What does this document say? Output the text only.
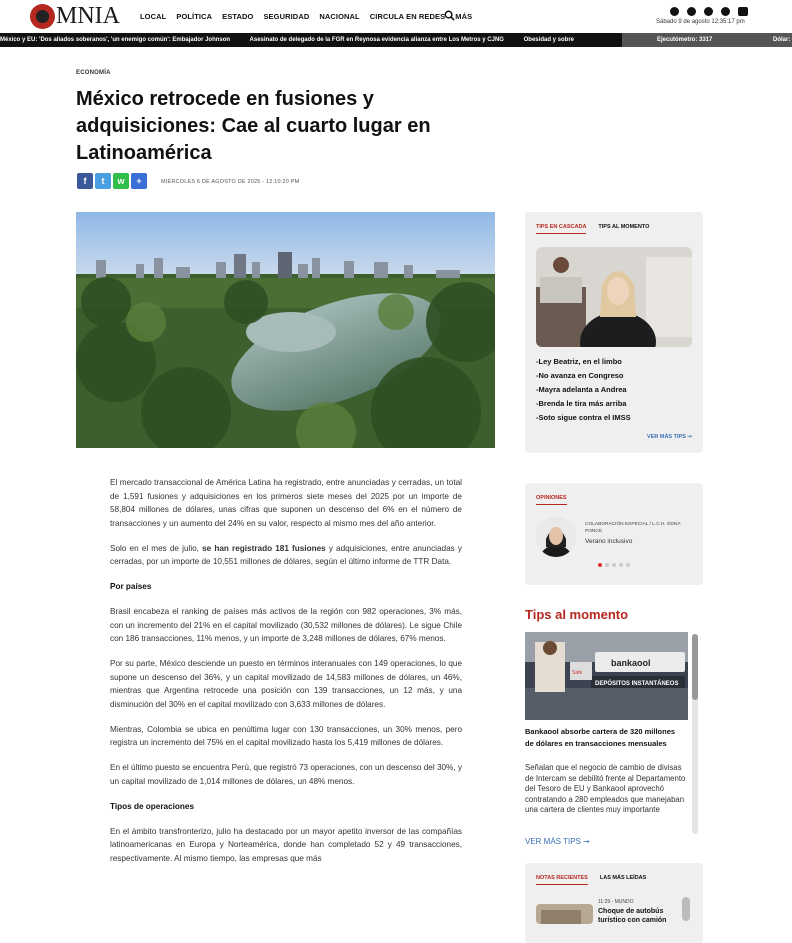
MNIA	LOCAL POLÍTICA ESTADO SEGURIDAD NACIONAL CIRCULA EN REDES MÁS
Sábado 9 de agosto 12:35:17 pm
México y EU: 'Dos aliados soberanos', 'un enemigo común': Embajador Johnson	Asesinato de delegado de la FGR en Reynosa evidencia alianza entre Los Metros y CJNG	Obesidad y sobre	Ejecutómetro: 3317	Dólar:
ECONOMÍA
México retrocede en fusiones y adquisiciones: Cae al cuarto lugar en Latinoamérica
f	t	w	+	MIÉRCOLES 6 DE AGOSTO DE 2025 - 12:10:20 PM

El mercado transaccional de América Latina ha registrado, entre anunciadas y cerradas, un total de 1,591 fusiones y adquisiciones en los primeros siete meses del 2025 por un importe de 58,804 millones de dólares, unas cifras que suponen un descenso del 6% en el número de transacciones y un aumento del 24% en su valor, respecto al mismo mes del año anterior.

Solo en el mes de julio, se han registrado 181 fusiones y adquisiciones, entre anunciadas y cerradas, por un importe de 10,551 millones de dólares, según el último informe de TTR Data.

Por países

Brasil encabeza el ranking de países más activos de la región con 982 operaciones, 3% más, con un incremento del 21% en el capital movilizado (30,532 millones de dólares). Le sigue Chile con 186 transacciones, 11% menos, y un importe de 3,248 millones de dólares, 67% menos.

Por su parte, México desciende un puesto en términos interanuales con 149 operaciones, lo que supone un descenso del 36%, y un capital movilizado de 14,583 millones de dólares, un 46%, mientras que Argentina retrocede una posición con 139 transacciones, un 12 más, y una disminución del 30% en el capital movilizado con 3,633 millones de dólares.

Mientras, Colombia se ubica en penúltima lugar con 130 transacciones, un 30% menos, pero registra un incremento del 75% en el capital movilizado hasta los 5,419 millones de dólares.

En el último puesto se encuentra Perú, que registró 73 operaciones, con un descenso del 30%, y un capital movilizado de 1,014 millones de dólares, un 48% menos.

Tipos de operaciones

En el ámbito transfronterizo, julio ha destacado por un mayor apetito inversor de las compañías latinoamericanas en Europa y Norteamérica, donde han completado 52 y 49 transacciones, respectivamente. Al mismo tiempo, las empresas que más

TIPS EN CASCADA TIPS AL MOMENTO
-Ley Beatriz, en el limbo
-No avanza en Congreso
-Mayra adelanta a Andrea
-Brenda le tira más arriba
-Soto sigue contra el IMSS
VER MÁS TIPS ➞
OPINIONES
COLABORACIÓN ESPECIAL / L.C.H. EDNA PONCE
Verano inclusivo
Tips al momento
bankaool
DEPÓSITOS INSTANTÁNEOS
Safe
Bankaool absorbe cartera de 320 millones de dólares en transacciones mensuales
Señalan que el negocio de cambio de divisas de Intercam se debilitó frente al Departamento del Tesoro de EU y Bankaool aprovechó contratando a 280 empleados que manejaban una cartera de clientes muy importante
VER MÁS TIPS ➞
NOTAS RECIENTES LAS MÁS LEÍDAS
11:29 - MUNDO
Choque de autobús turístico con camión
